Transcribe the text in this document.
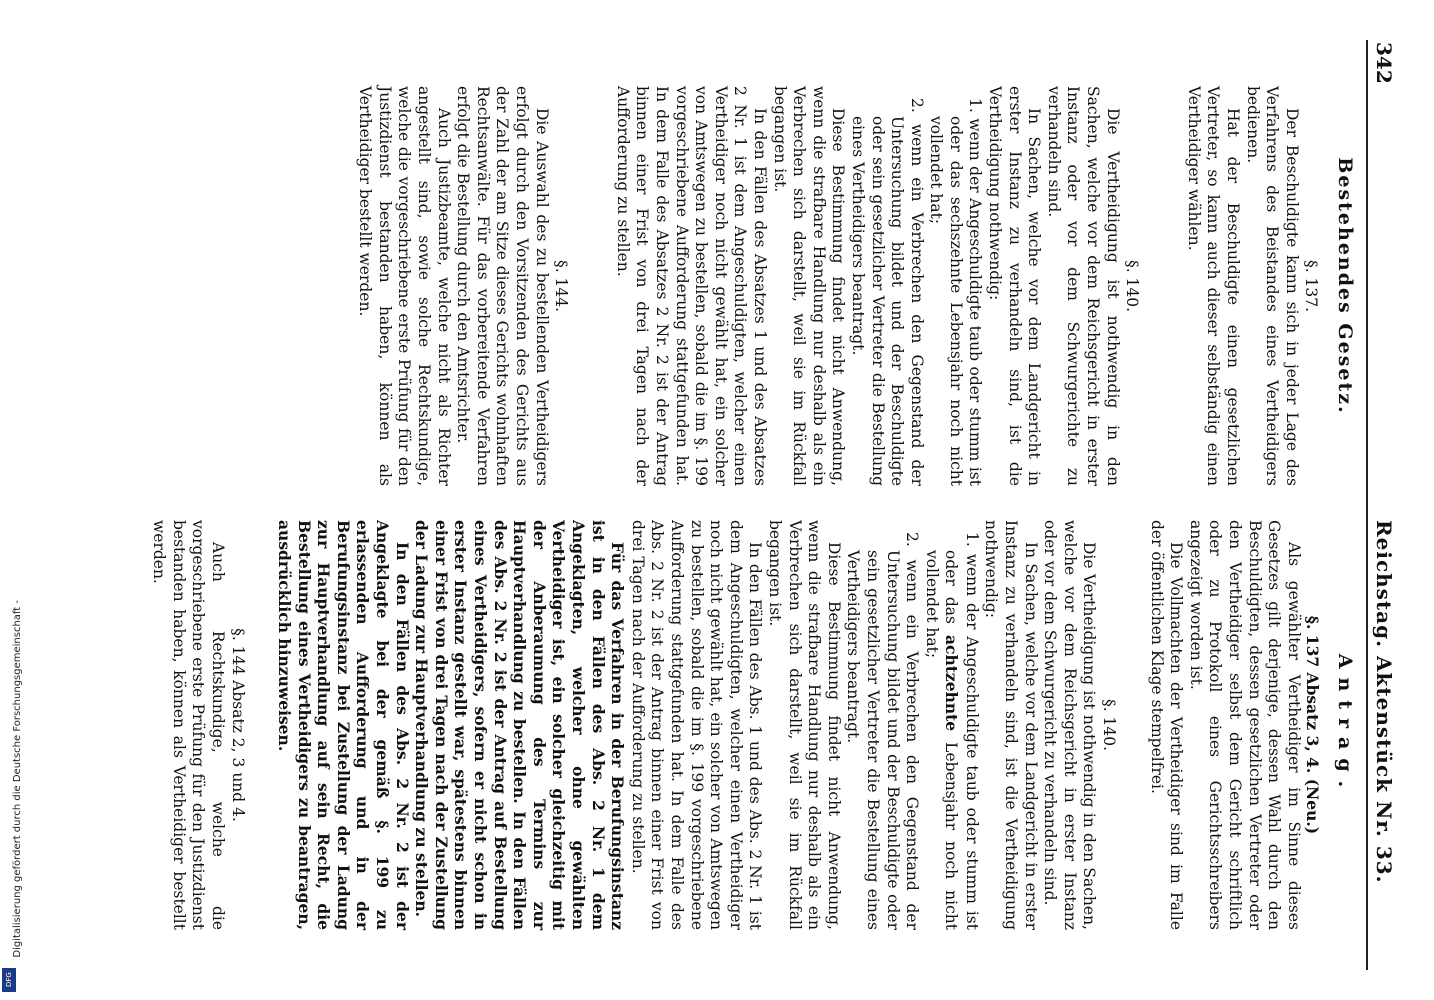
342
Reichstag. Aktenstück Nr. 33.

Bestehendes Gesetz.

§. 137.

Der Beschuldigte kann sich in jeder Lage des Verfahrens des Beistandes eines Vertheidigers bedienen.

Hat der Beschuldigte einen gesetzlichen Vertreter, so kann auch dieser selbständig einen Vertheidiger wählen.

§. 140.

Die Vertheidigung ist nothwendig in den Sachen, welche vor dem Reichsgericht in erster Instanz oder vor dem Schwurgerichte zu verhandeln sind.

In Sachen, welche vor dem Landgericht in erster Instanz zu verhandeln sind, ist die Vertheidigung nothwendig:

1. wenn der Angeschuldigte taub oder stumm ist oder das sechszehnte Lebensjahr noch nicht vollendet hat;

2. wenn ein Verbrechen den Gegenstand der Untersuchung bildet und der Beschuldigte oder sein gesetzlicher Vertreter die Bestellung eines Vertheidigers beantragt.

Diese Bestimmung findet nicht Anwendung, wenn die strafbare Handlung nur deshalb als ein Verbrechen sich darstellt, weil sie im Rückfall begangen ist.

In den Fällen des Absatzes 1 und des Absatzes 2 Nr. 1 ist dem Angeschuldigten, welcher einen Vertheidiger noch nicht gewählt hat, ein solcher von Amtswegen zu bestellen, sobald die im §. 199 vorgeschriebene Aufforderung stattgefunden hat. In dem Falle des Absatzes 2 Nr. 2 ist der Antrag binnen einer Frist von drei Tagen nach der Aufforderung zu stellen.

§. 144.

Die Auswahl des zu bestellenden Vertheidigers erfolgt durch den Vorsitzenden des Gerichts aus der Zahl der am Sitze dieses Gerichts wohnhaften Rechtsanwälte. Für das vorbereitende Verfahren erfolgt die Bestellung durch den Amtsrichter.

Auch Justizbeamte, welche nicht als Richter angestellt sind, sowie solche Rechtskundige, welche die vorgeschriebene erste Prüfung für den Justizdienst bestanden haben, können als Vertheidiger bestellt werden.

Antrag.

§. 137 Absatz 3, 4. (Neu.)

Als gewählter Vertheidiger im Sinne dieses Gesetzes gilt derjenige, dessen Wahl durch den Beschuldigten, dessen gesetzlichen Vertreter oder den Vertheidiger selbst dem Gericht schriftlich oder zu Protokoll eines Gerichtsschreibers angezeigt worden ist.

Die Vollmachten der Vertheidiger sind im Falle der öffentlichen Klage stempelfrei.

§. 140.

Die Vertheidigung ist nothwendig in den Sachen, welche vor dem Reichsgericht in erster Instanz oder vor dem Schwurgericht zu verhandeln sind.

In Sachen, welche vor dem Landgericht in erster Instanz zu verhandeln sind, ist die Vertheidigung nothwendig:

1. wenn der Angeschuldigte taub oder stumm ist oder das achtzehnte Lebensjahr noch nicht vollendet hat;

2. wenn ein Verbrechen den Gegenstand der Untersuchung bildet und der Beschuldigte oder sein gesetzlicher Vertreter die Bestellung eines Vertheidigers beantragt.

Diese Bestimmung findet nicht Anwendung, wenn die strafbare Handlung nur deshalb als ein Verbrechen sich darstellt, weil sie im Rückfall begangen ist.

In den Fällen des Abs. 1 und des Abs. 2 Nr. 1 ist dem Angeschuldigten, welcher einen Vertheidiger noch nicht gewählt hat, ein solcher von Amtswegen zu bestellen, sobald die im §. 199 vorgeschriebene Aufforderung stattgefunden hat. In dem Falle des Abs. 2 Nr. 2 ist der Antrag binnen einer Frist von drei Tagen nach der Aufforderung zu stellen.

Für das Verfahren in der Berufungsinstanz ist in den Fällen des Abs. 2 Nr. 1 dem Angeklagten, welcher ohne gewählten Vertheidiger ist, ein solcher gleichzeitig mit der Anberaumung des Termins zur Hauptverhandlung zu bestellen. In den Fällen des Abs. 2 Nr. 2 ist der Antrag auf Bestellung eines Vertheidigers, sofern er nicht schon in erster Instanz gestellt war, spätestens binnen einer Frist von drei Tagen nach der Zustellung der Ladung zur Hauptverhandlung zu stellen.

In den Fällen des Abs. 2 Nr. 2 ist der Angeklagte bei der gemäß §. 199 zu erlassenden Aufforderung und in der Berufungsinstanz bei Zustellung der Ladung zur Hauptverhandlung auf sein Recht, die Bestellung eines Vertheidigers zu beantragen, ausdrücklich hinzuweisen.

§. 144 Absatz 2, 3 und 4.

Auch Rechtskundige, welche die vorgeschriebene erste Prüfung für den Justizdienst bestanden haben, können als Vertheidiger bestellt werden.

Digitalisierung gefördert durch die Deutsche Forschungsgemeinschaft -
DFG
